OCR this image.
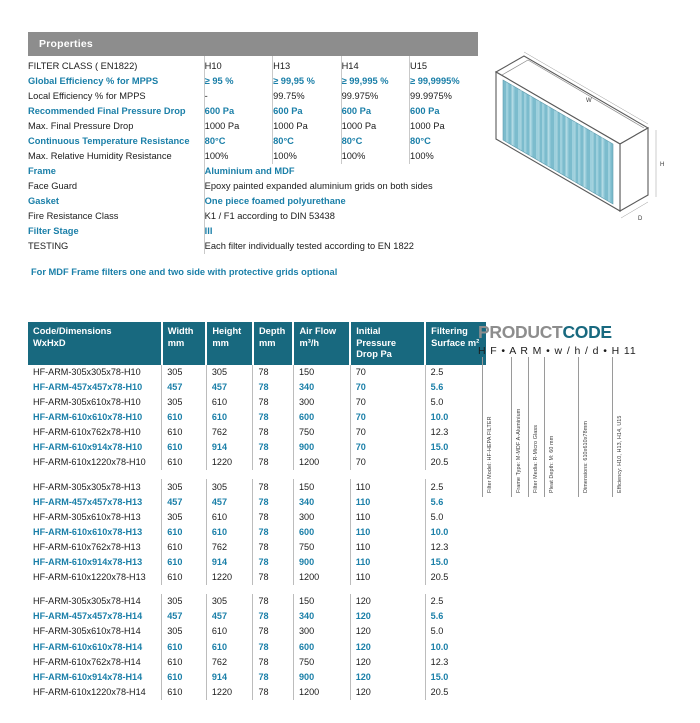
Properties
FILTER CLASS ( EN1822)	H10	H13	H14	U15
Global Efficiency % for MPPS	≥ 95 %	≥ 99,95 %	≥ 99,995 %	≥ 99,9995%
Local Efficiency % for MPPS	-	99.75%	99.975%	99.9975%
Recommended Final Pressure Drop	600 Pa	600 Pa	600 Pa	600 Pa
Max. Final Pressure Drop	1000 Pa	1000 Pa	1000 Pa	1000 Pa
Continuous Temperature Resistance	80°C	80°C	80°C	80°C
Max. Relative Humidity Resistance	100%	100%	100%	100%
Frame	Aluminium and MDF			
Face Guard	Epoxy painted expanded aluminium grids on both sides			
Gasket	One piece foamed polyurethane			
Fire Resistance Class	K1 / F1 according to DIN 53438			
Filter Stage	III			
TESTING	Each filter individually tested according to EN 1822			
For MDF Frame filters one and two side with protective grids optional
W
H
D
Code/Dimensions
WxHxD

Width
mm

Height
mm

Depth
mm

Air Flow
m³/h

Initial Pressure
Drop Pa

Filtering
Surface m²

HF-ARM-305x305x78-H10	305	305	78	150	70	2.5
HF-ARM-457x457x78-H10	457	457	78	340	70	5.6
HF-ARM-305x610x78-H10	305	610	78	300	70	5.0
HF-ARM-610x610x78-H10	610	610	78	600	70	10.0
HF-ARM-610x762x78-H10	610	762	78	750	70	12.3
HF-ARM-610x914x78-H10	610	914	78	900	70	15.0
HF-ARM-610x1220x78-H10	610	1220	78	1200	70	20.5

HF-ARM-305x305x78-H13	305	305	78	150	110	2.5
HF-ARM-457x457x78-H13	457	457	78	340	110	5.6
HF-ARM-305x610x78-H13	305	610	78	300	110	5.0
HF-ARM-610x610x78-H13	610	610	78	600	110	10.0
HF-ARM-610x762x78-H13	610	762	78	750	110	12.3
HF-ARM-610x914x78-H13	610	914	78	900	110	15.0
HF-ARM-610x1220x78-H13	610	1220	78	1200	110	20.5

HF-ARM-305x305x78-H14	305	305	78	150	120	2.5
HF-ARM-457x457x78-H14	457	457	78	340	120	5.6
HF-ARM-305x610x78-H14	305	610	78	300	120	5.0
HF-ARM-610x610x78-H14	610	610	78	600	120	10.0
HF-ARM-610x762x78-H14	610	762	78	750	120	12.3
HF-ARM-610x914x78-H14	610	914	78	900	120	15.0
HF-ARM-610x1220x78-H14	610	1220	78	1200	120	20.5
PRODUCTCODE
H F • A R M • w / h / d • H 11
Filter Model: HF-HEPA FILTER	Frame Type: M-MDF A-Aluminium Filter Media: R-Micro Glass Pleat Depth: M: 60 mm	Dimensions: 610x610x78mm	Efficiency: H10, H13, H14, U15
